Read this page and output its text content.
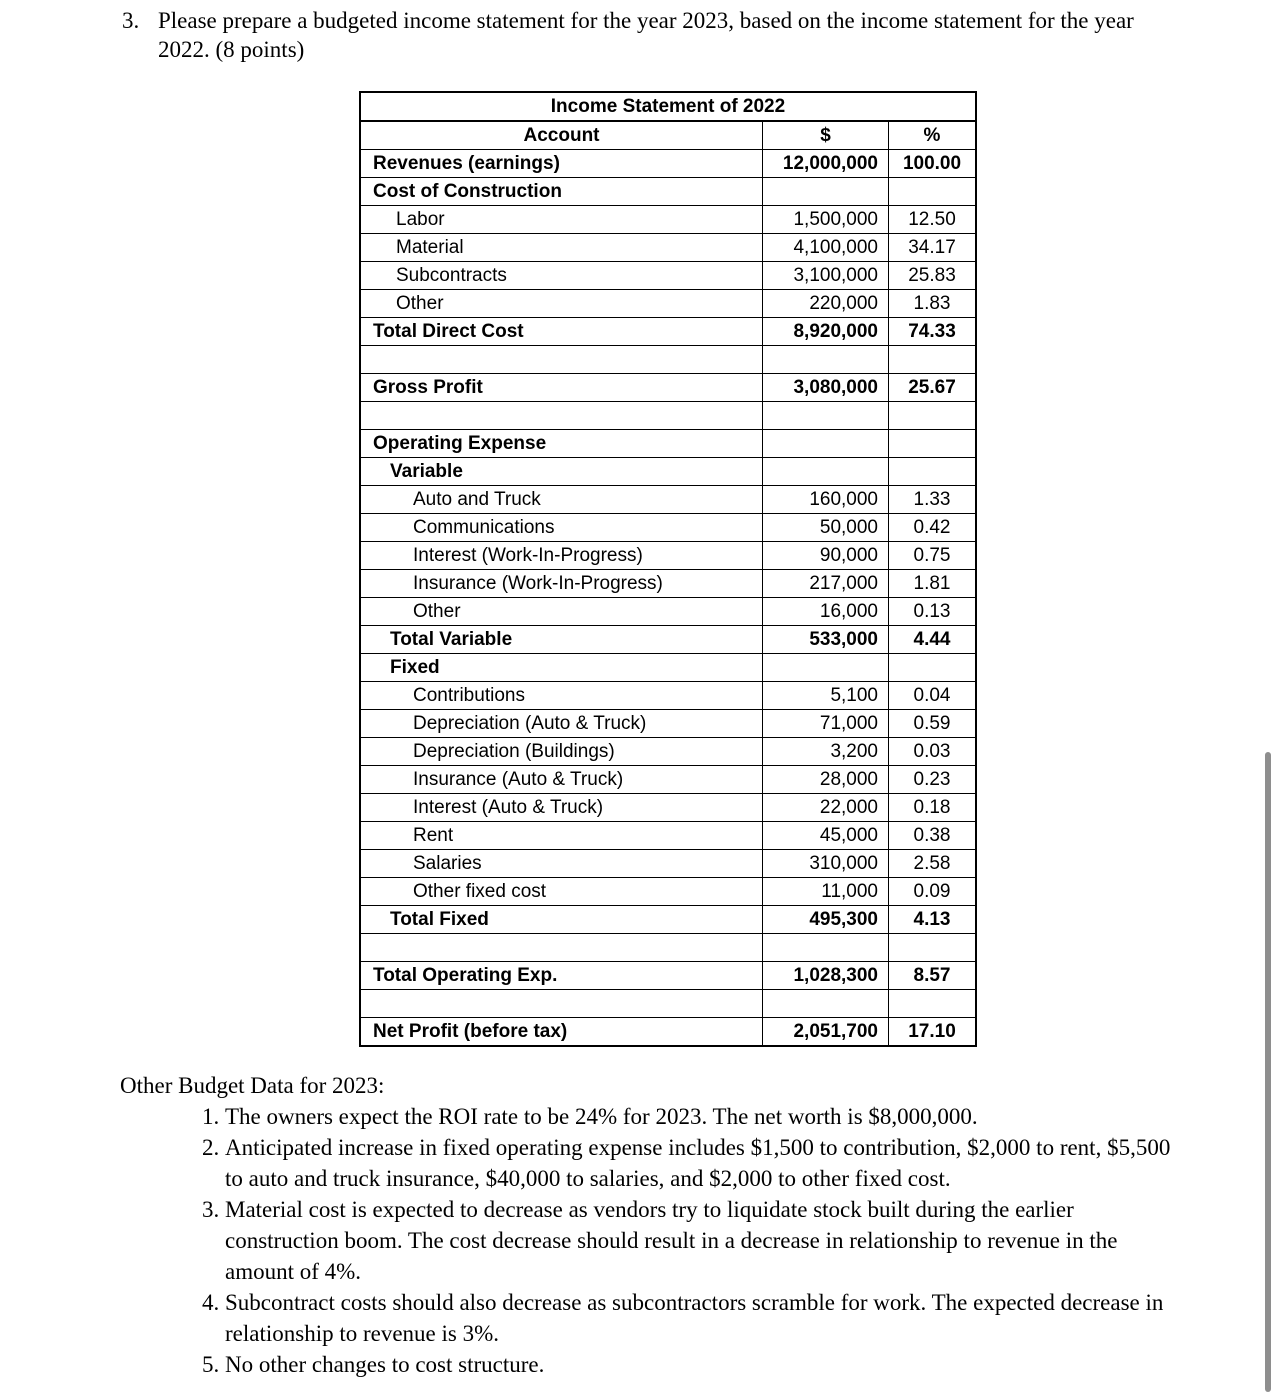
3. Please prepare a budgeted income statement for the year 2023, based on the income statement for the year 2022. (8 points)
Income Statement of 2022		
Account	$	%
Revenues (earnings)	12,000,000	100.00
Cost of Construction		
Labor	1,500,000	12.50
Material	4,100,000	34.17
Subcontracts	3,100,000	25.83
Other	220,000	1.83
Total Direct Cost	8,920,000	74.33

Gross Profit	3,080,000	25.67

Operating Expense		
Variable		
Auto and Truck	160,000	1.33
Communications	50,000	0.42
Interest (Work-In-Progress)	90,000	0.75
Insurance (Work-In-Progress)	217,000	1.81
Other	16,000	0.13
Total Variable	533,000	4.44
Fixed		
Contributions	5,100	0.04
Depreciation (Auto & Truck)	71,000	0.59
Depreciation (Buildings)	3,200	0.03
Insurance (Auto & Truck)	28,000	0.23
Interest (Auto & Truck)	22,000	0.18
Rent	45,000	0.38
Salaries	310,000	2.58
Other fixed cost	11,000	0.09
Total Fixed	495,300	4.13

Total Operating Exp.	1,028,300	8.57

Net Profit (before tax)	2,051,700	17.10
Other Budget Data for 2023:
1. The owners expect the ROI rate to be 24% for 2023. The net worth is $8,000,000.
2. Anticipated increase in fixed operating expense includes $1,500 to contribution, $2,000 to rent, $5,500 to auto and truck insurance, $40,000 to salaries, and $2,000 to other fixed cost.
3. Material cost is expected to decrease as vendors try to liquidate stock built during the earlier construction boom. The cost decrease should result in a decrease in relationship to revenue in the amount of 4%.
4. Subcontract costs should also decrease as subcontractors scramble for work. The expected decrease in relationship to revenue is 3%.
5. No other changes to cost structure.
